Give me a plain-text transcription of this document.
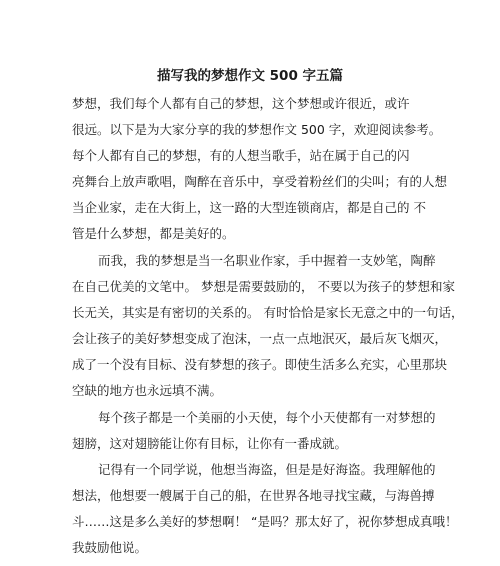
描写我的梦想作文 500 字五篇

梦想，我们每个人都有自己的梦想，这个梦想或许很近，或许

很远。以下是为大家分享的我的梦想作文 500 字，欢迎阅读参考。

每个人都有自己的梦想，有的人想当歌手，站在属于自己的闪

亮舞台上放声歌唱，陶醉在音乐中，享受着粉丝们的尖叫；有的人想

当企业家，走在大街上，这一路的大型连锁商店，都是自己的 不

管是什么梦想，都是美好的。

而我，我的梦想是当一名职业作家，手中握着一支妙笔，陶醉

在自己优美的文笔中。 梦想是需要鼓励的， 不要以为孩子的梦想和家

长无关，其实是有密切的关系的。 有时恰恰是家长无意之中的一句话，

会让孩子的美好梦想变成了泡沫，一点一点地泯灭，最后灰飞烟灭，

成了一个没有目标、没有梦想的孩子。即使生活多么充实，心里那块

空缺的地方也永远填不满。

每个孩子都是一个美丽的小天使，每个小天使都有一对梦想的

翅膀，这对翅膀能让你有目标，让你有一番成就。

记得有一个同学说，他想当海盗，但是是好海盗。我理解他的

想法，他想要一艘属于自己的船，在世界各地寻找宝藏，与海兽搏

斗……这是多么美好的梦想啊！ “是吗？那太好了，祝你梦想成真哦！

我鼓励他说。
